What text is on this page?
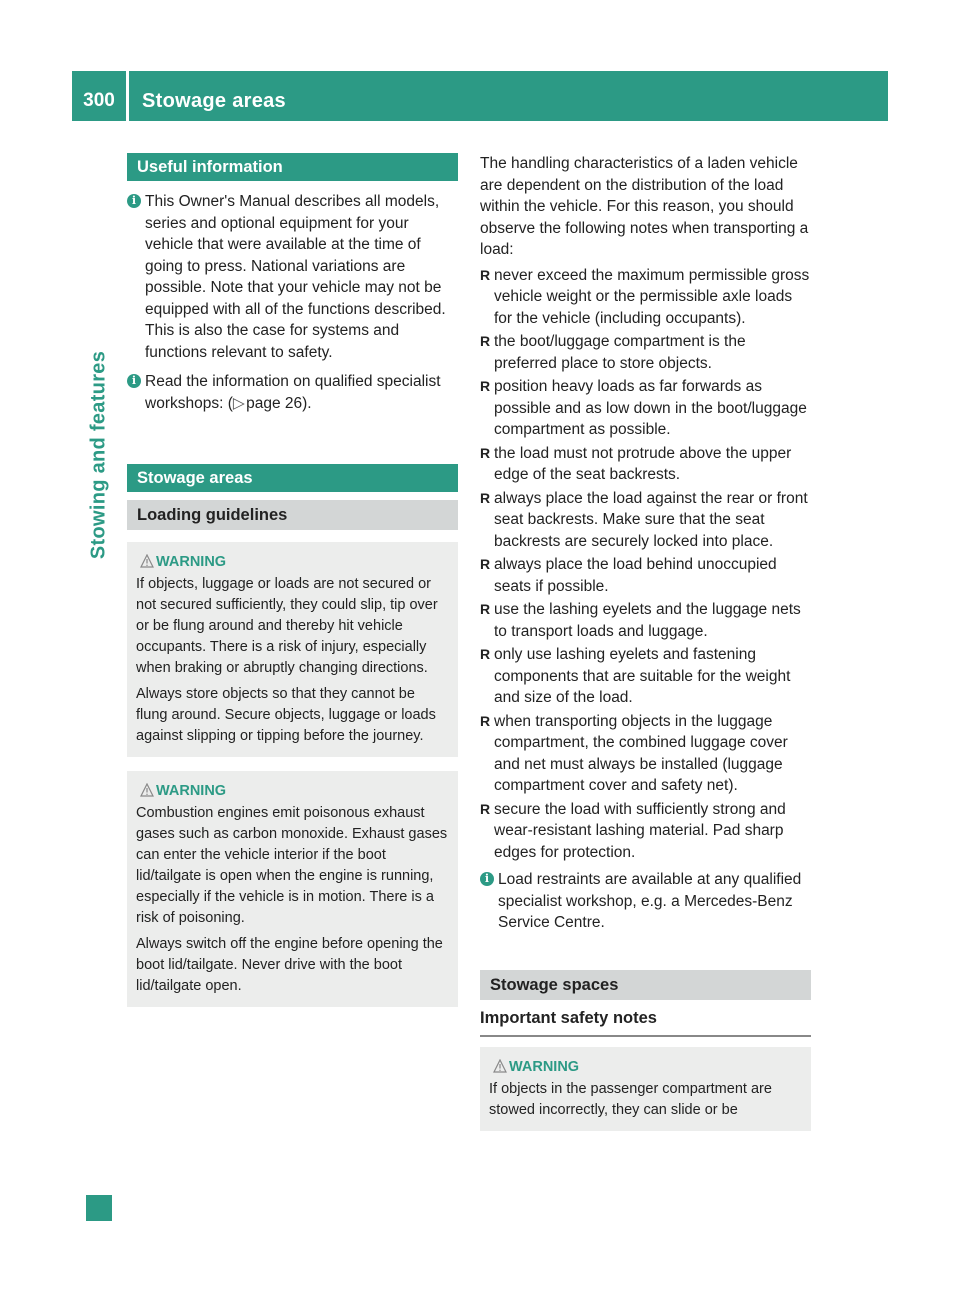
300	Stowage areas
Stowing and features
Useful information
i This Owner's Manual describes all models, series and optional equipment for your vehicle that were available at the time of going to press. National variations are possible. Note that your vehicle may not be equipped with all of the functions described. This is also the case for systems and functions relevant to safety.
i Read the information on qualified specialist workshops: (▷ page 26).
Stowage areas
Loading guidelines
WARNING

If objects, luggage or loads are not secured or not secured sufficiently, they could slip, tip over or be flung around and thereby hit vehicle occupants. There is a risk of injury, especially when braking or abruptly changing directions.

Always store objects so that they cannot be flung around. Secure objects, luggage or loads against slipping or tipping before the journey.

WARNING

Combustion engines emit poisonous exhaust gases such as carbon monoxide. Exhaust gases can enter the vehicle interior if the boot lid/tailgate is open when the engine is running, especially if the vehicle is in motion. There is a risk of poisoning.

Always switch off the engine before opening the boot lid/tailgate. Never drive with the boot lid/tailgate open.

The handling characteristics of a laden vehicle are dependent on the distribution of the load within the vehicle. For this reason, you should observe the following notes when transporting a load:
R never exceed the maximum permissible gross vehicle weight or the permissible axle loads for the vehicle (including occupants).
R the boot/luggage compartment is the preferred place to store objects.
R position heavy loads as far forwards as possible and as low down in the boot/luggage compartment as possible.
R the load must not protrude above the upper edge of the seat backrests.
R always place the load against the rear or front seat backrests. Make sure that the seat backrests are securely locked into place.
R always place the load behind unoccupied seats if possible.
R use the lashing eyelets and the luggage nets to transport loads and luggage.
R only use lashing eyelets and fastening components that are suitable for the weight and size of the load.
R when transporting objects in the luggage compartment, the combined luggage cover and net must always be installed (luggage compartment cover and safety net).
R secure the load with sufficiently strong and wear-resistant lashing material. Pad sharp edges for protection.
i Load restraints are available at any qualified specialist workshop, e.g. a Mercedes-Benz Service Centre.
Stowage spaces
Important safety notes
WARNING

If objects in the passenger compartment are stowed incorrectly, they can slide or be
